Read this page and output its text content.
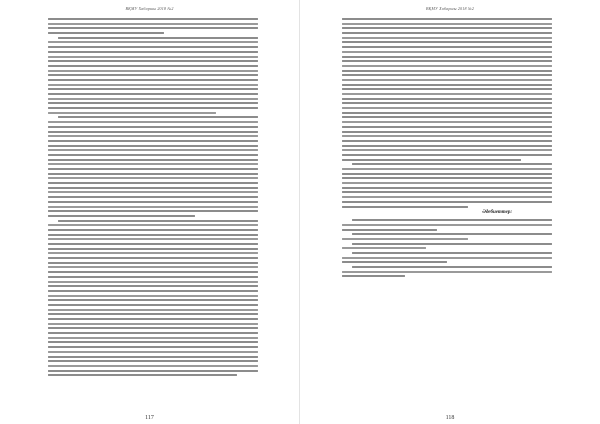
ВҚМУ Хабаршы 2018 №2
117
ВҚМУ Хабаршы 2018 №2
Әдебиеттер:
118
